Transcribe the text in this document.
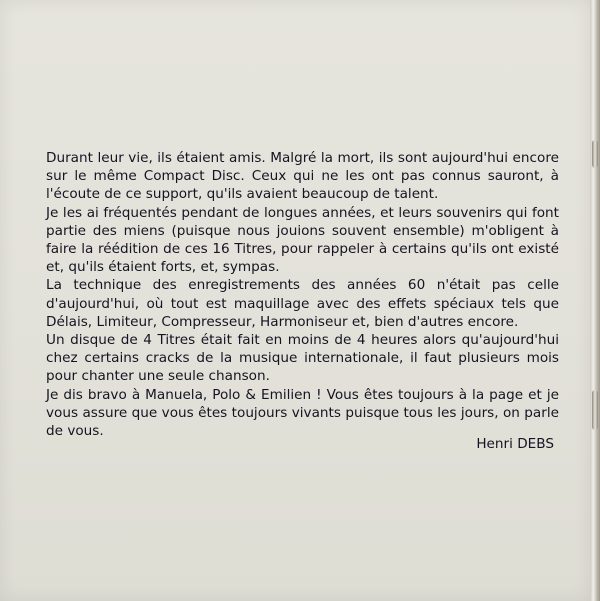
Durant leur vie, ils étaient amis. Malgré la mort, ils sont aujourd'hui encore sur le même Compact Disc. Ceux qui ne les ont pas connus sauront, à l'écoute de ce support, qu'ils avaient beaucoup de talent.

Je les ai fréquentés pendant de longues années, et leurs souvenirs qui font partie des miens (puisque nous jouions souvent ensemble) m'obligent à faire la réédition de ces 16 Titres, pour rappeler à certains qu'ils ont existé et, qu'ils étaient forts, et, sympas.

La technique des enregistrements des années 60 n'était pas celle d'aujourd'hui, où tout est maquillage avec des effets spéciaux tels que Délais, Limiteur, Compresseur, Harmoniseur et, bien d'autres encore.

Un disque de 4 Titres était fait en moins de 4 heures alors qu'aujourd'hui chez certains cracks de la musique internationale, il faut plusieurs mois pour chanter une seule chanson.

Je dis bravo à Manuela, Polo & Emilien ! Vous êtes toujours à la page et je vous assure que vous êtes toujours vivants puisque tous les jours, on parle de vous.

Henri DEBS
